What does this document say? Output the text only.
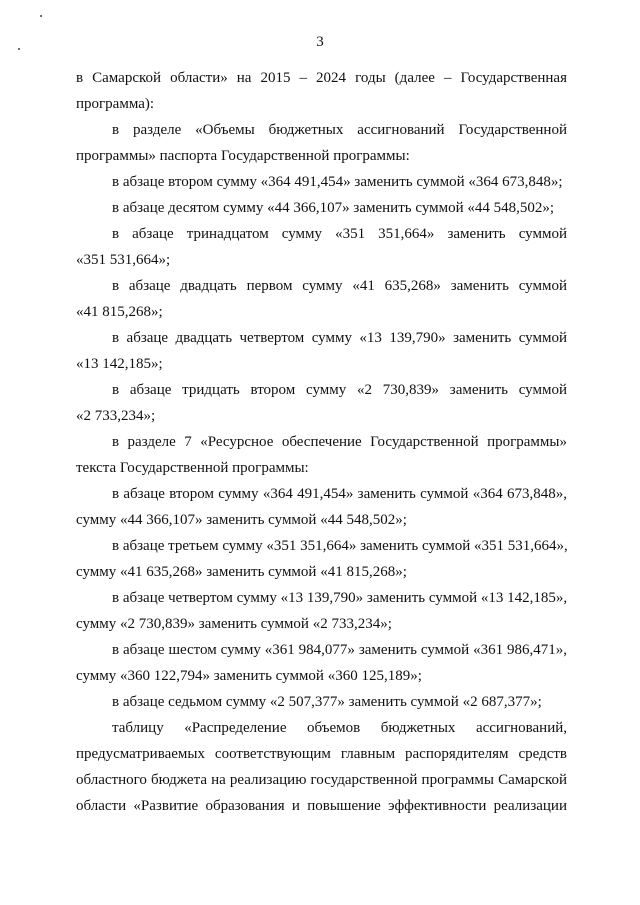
3
в Самарской области» на 2015 – 2024 годы (далее – Государственная
программа):
в разделе «Объемы бюджетных ассигнований Государственной
программы» паспорта Государственной программы:
в абзаце втором сумму «364 491,454» заменить суммой «364 673,848»;
в абзаце десятом сумму «44 366,107» заменить суммой «44 548,502»;
в абзаце тринадцатом сумму «351 351,664» заменить суммой
«351 531,664»;
в абзаце двадцать первом сумму «41 635,268» заменить суммой
«41 815,268»;
в абзаце двадцать четвертом сумму «13 139,790» заменить суммой
«13 142,185»;
в абзаце тридцать втором сумму «2 730,839» заменить суммой
«2 733,234»;
в разделе 7 «Ресурсное обеспечение Государственной программы»
текста Государственной программы:
в абзаце втором сумму «364 491,454» заменить суммой «364 673,848»,
сумму «44 366,107» заменить суммой «44 548,502»;
в абзаце третьем сумму «351 351,664» заменить суммой «351 531,664»,
сумму «41 635,268» заменить суммой «41 815,268»;
в абзаце четвертом сумму «13 139,790» заменить суммой «13 142,185»,
сумму «2 730,839» заменить суммой «2 733,234»;
в абзаце шестом сумму «361 984,077» заменить суммой «361 986,471»,
сумму «360 122,794» заменить суммой «360 125,189»;
в абзаце седьмом сумму «2 507,377» заменить суммой «2 687,377»;
таблицу «Распределение объемов бюджетных ассигнований,
предусматриваемых соответствующим главным распорядителям средств
областного бюджета на реализацию государственной программы Самарской
области «Развитие образования и повышение эффективности реализации
